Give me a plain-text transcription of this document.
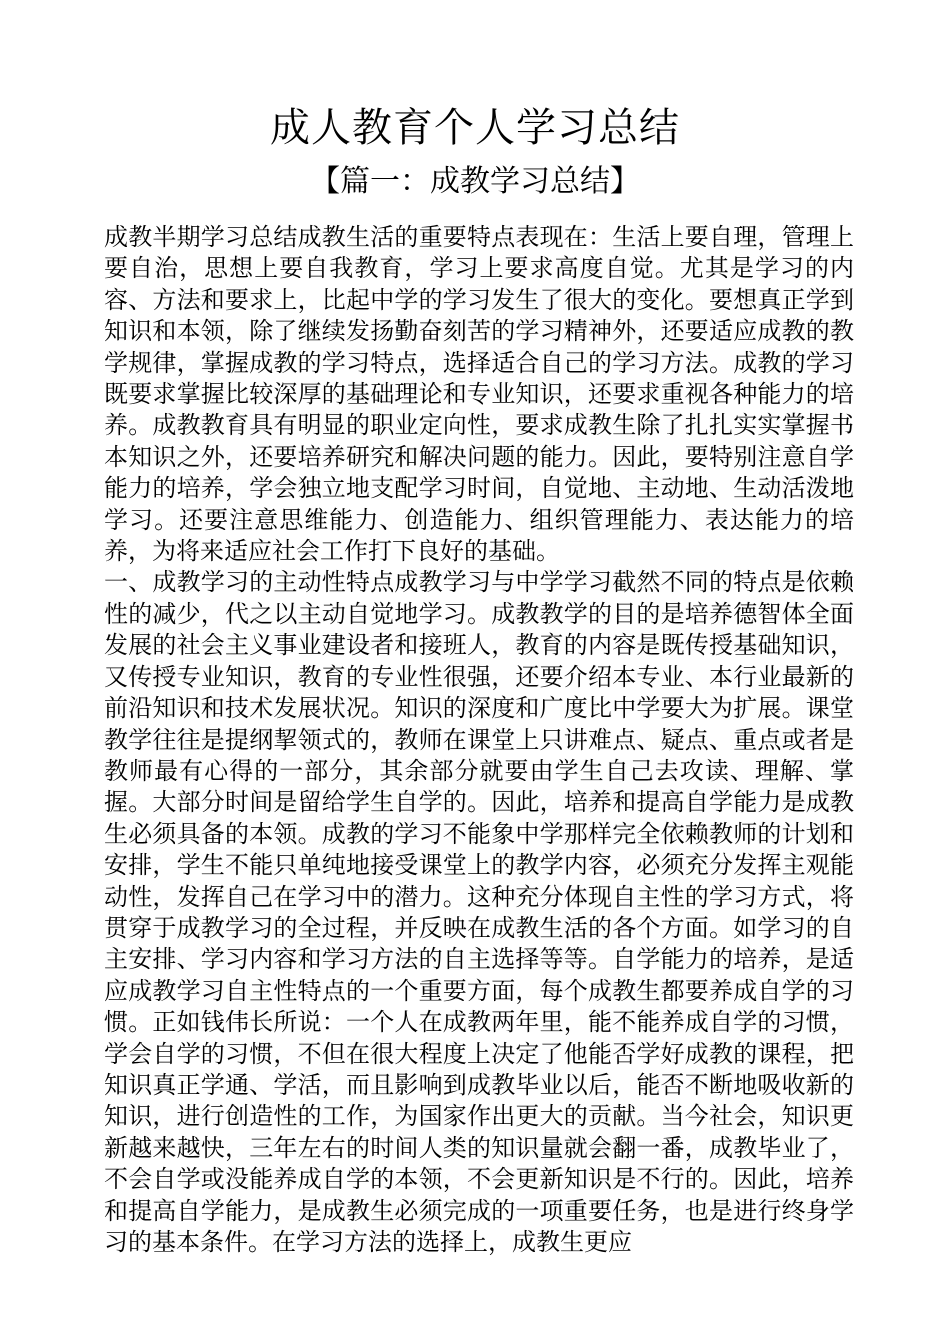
成人教育个人学习总结
【篇一：成教学习总结】

成教半期学习总结成教生活的重要特点表现在：生活上要自理，管理上要自治，思想上要自我教育，学习上要求高度自觉。尤其是学习的内容、方法和要求上，比起中学的学习发生了很大的变化。要想真正学到知识和本领，除了继续发扬勤奋刻苦的学习精神外，还要适应成教的教学规律，掌握成教的学习特点，选择适合自己的学习方法。成教的学习既要求掌握比较深厚的基础理论和专业知识，还要求重视各种能力的培养。成教教育具有明显的职业定向性，要求成教生除了扎扎实实掌握书本知识之外，还要培养研究和解决问题的能力。因此，要特别注意自学能力的培养，学会独立地支配学习时间，自觉地、主动地、生动活泼地学习。还要注意思维能力、创造能力、组织管理能力、表达能力的培养，为将来适应社会工作打下良好的基础。

一、成教学习的主动性特点成教学习与中学学习截然不同的特点是依赖性的减少，代之以主动自觉地学习。成教教学的目的是培养德智体全面发展的社会主义事业建设者和接班人，教育的内容是既传授基础知识，又传授专业知识，教育的专业性很强，还要介绍本专业、本行业最新的前沿知识和技术发展状况。知识的深度和广度比中学要大为扩展。课堂教学往往是提纲挈领式的，教师在课堂上只讲难点、疑点、重点或者是教师最有心得的一部分，其余部分就要由学生自己去攻读、理解、掌握。大部分时间是留给学生自学的。因此，培养和提高自学能力是成教生必须具备的本领。成教的学习不能象中学那样完全依赖教师的计划和安排，学生不能只单纯地接受课堂上的教学内容，必须充分发挥主观能动性，发挥自己在学习中的潜力。这种充分体现自主性的学习方式，将贯穿于成教学习的全过程，并反映在成教生活的各个方面。如学习的自主安排、学习内容和学习方法的自主选择等等。自学能力的培养，是适应成教学习自主性特点的一个重要方面，每个成教生都要养成自学的习惯。正如钱伟长所说：一个人在成教两年里，能不能养成自学的习惯，学会自学的习惯，不但在很大程度上决定了他能否学好成教的课程，把知识真正学通、学活，而且影响到成教毕业以后，能否不断地吸收新的知识，进行创造性的工作，为国家作出更大的贡献。当今社会，知识更新越来越快，三年左右的时间人类的知识量就会翻一番，成教毕业了，不会自学或没能养成自学的本领，不会更新知识是不行的。因此，培养和提高自学能力，是成教生必须完成的一项重要任务，也是进行终身学习的基本条件。在学习方法的选择上，成教生更应
